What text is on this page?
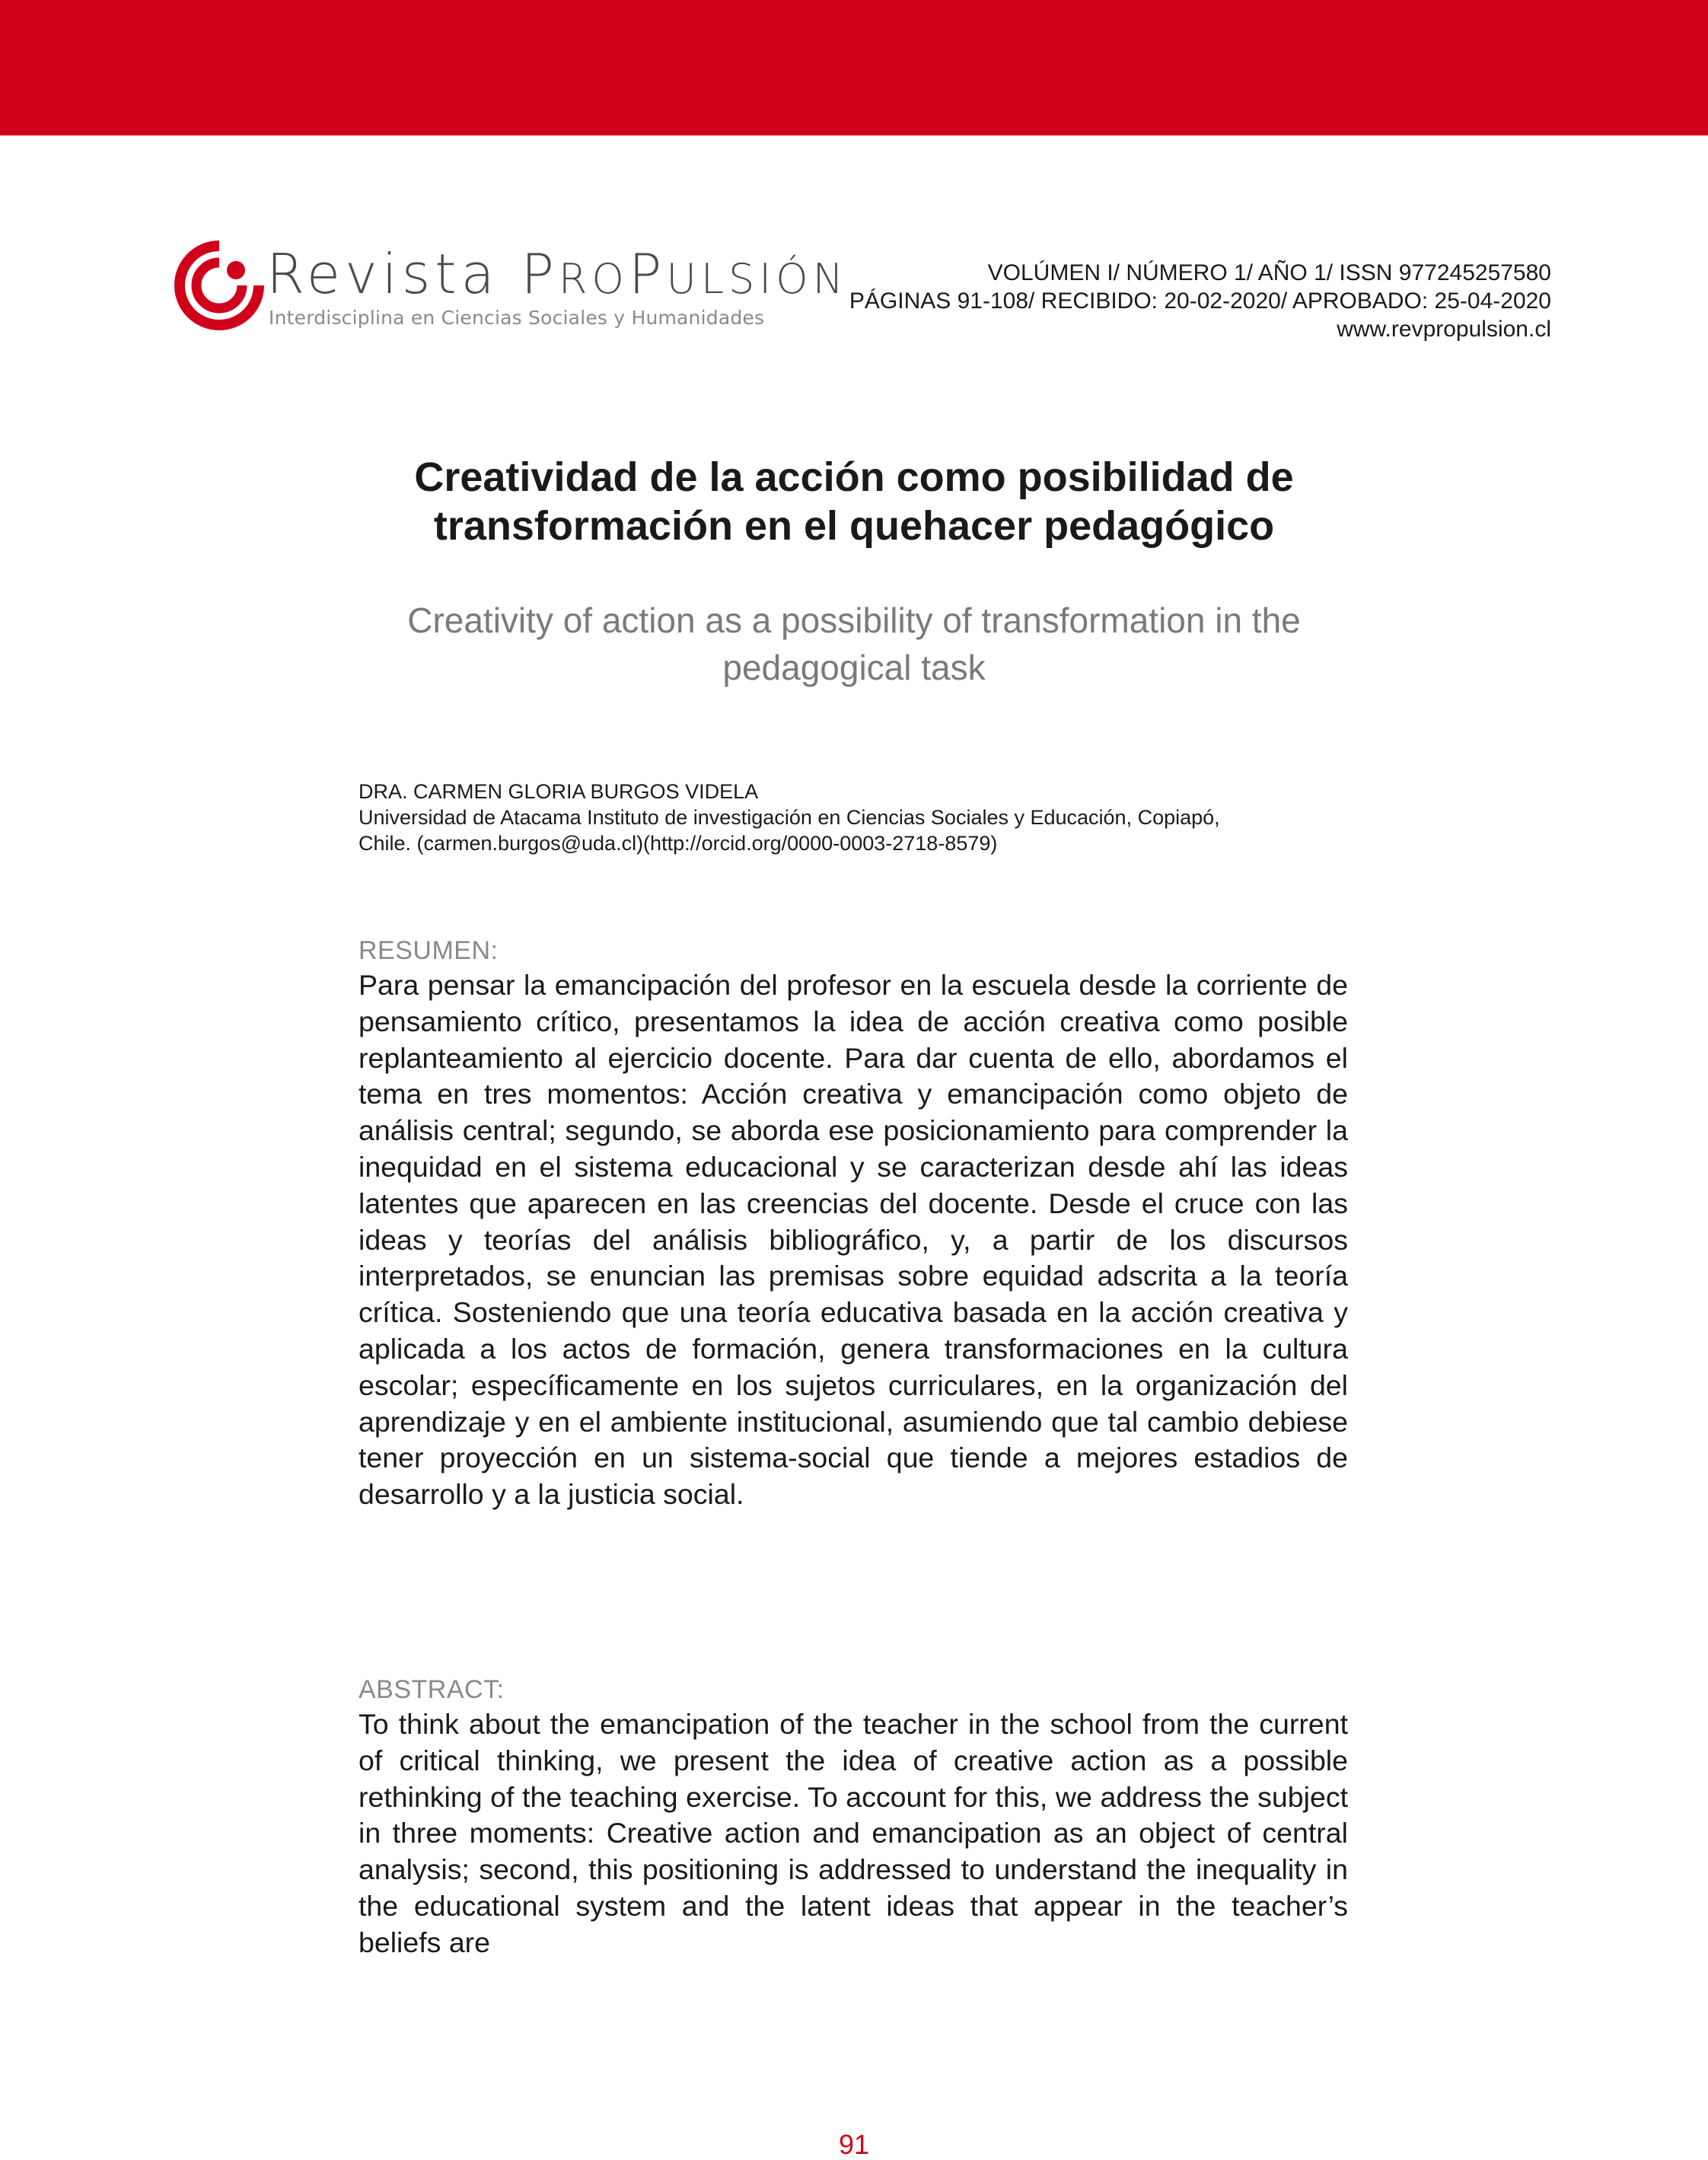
Revista PROPULSIÓN
Interdisciplina en Ciencias Sociales y Humanidades
VOLÚMEN I/ NÚMERO 1/ AÑO 1/ ISSN 977245257580
PÁGINAS 91-108/ RECIBIDO: 20-02-2020/ APROBADO: 25-04-2020
www.revpropulsion.cl
Creatividad de la acción como posibilidad de
transformación en el quehacer pedagógico
Creativity of action as a possibility of transformation in the
pedagogical task
DRA. CARMEN GLORIA BURGOS VIDELA
Universidad de Atacama Instituto de investigación en Ciencias Sociales y Educación, Copiapó,
Chile. (carmen.burgos@uda.cl)(http://orcid.org/0000-0003-2718-8579)
RESUMEN:
Para pensar la emancipación del profesor en la escuela desde la corriente de pensamiento crítico, presentamos la idea de acción creativa como posible replanteamiento al ejercicio docente. Para dar cuenta de ello, abordamos el tema en tres momentos: Acción creativa y emancipación como objeto de análisis central; segundo, se aborda ese posicionamiento para comprender la inequidad en el sistema educacional y se caracterizan desde ahí las ideas latentes que aparecen en las creencias del docente. Desde el cruce con las ideas y teorías del análisis bibliográfico, y, a partir de los discursos interpretados, se enuncian las premisas sobre equidad adscrita a la teoría crítica. Sosteniendo que una teoría educativa basada en la acción creativa y aplicada a los actos de formación, genera transformaciones en la cultura escolar; específicamente en los sujetos curriculares, en la organización del aprendizaje y en el ambiente institucional, asumiendo que tal cambio debiese tener proyección en un sistema-social que tiende a mejores estadios de desarrollo y a la justicia social.
ABSTRACT:
To think about the emancipation of the teacher in the school from the current of critical thinking, we present the idea of creative action as a possible rethinking of the teaching exercise. To account for this, we address the subject in three moments: Creative action and emancipation as an object of central analysis; second, this positioning is addressed to understand the inequality in the educational system and the latent ideas that appear in the teacher’s beliefs are
91
